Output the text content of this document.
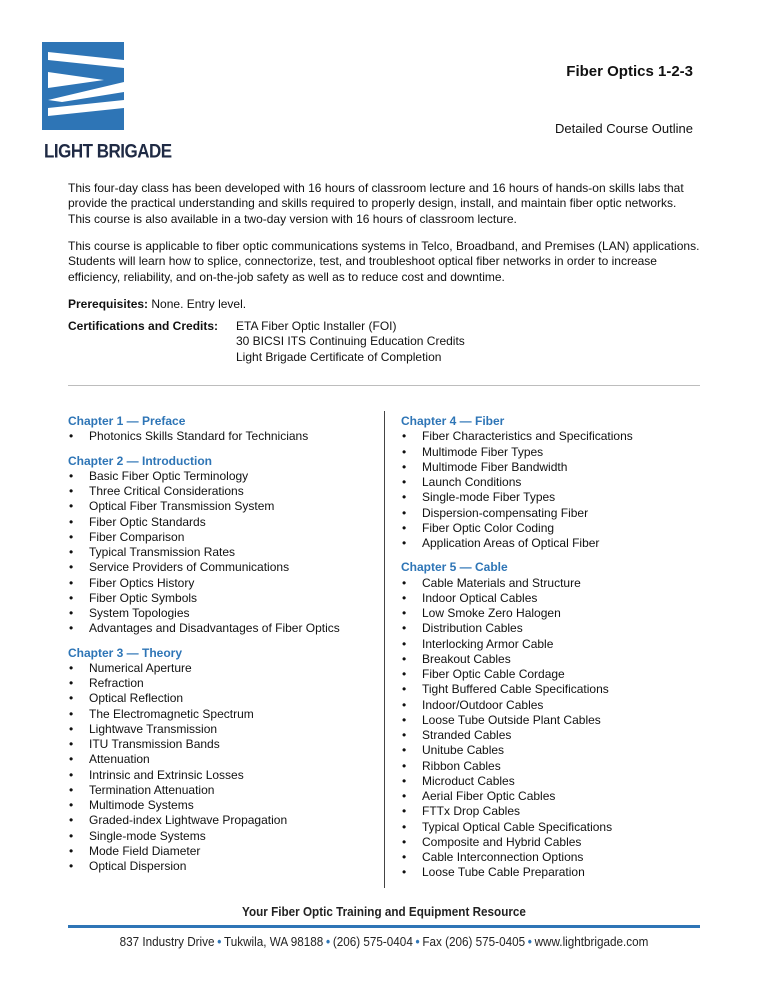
LIGHT BRIGADE
Fiber Optics 1-2-3
Detailed Course Outline

This four-day class has been developed with 16 hours of classroom lecture and 16 hours of hands-on skills labs that provide the practical understanding and skills required to properly design, install, and maintain fiber optic networks. This course is also available in a two-day version with 16 hours of classroom lecture.

This course is applicable to fiber optic communications systems in Telco, Broadband, and Premises (LAN) applications. Students will learn how to splice, connectorize, test, and troubleshoot optical fiber networks in order to increase efficiency, reliability, and on-the-job safety as well as to reduce cost and downtime.

Prerequisites: None. Entry level.
Certifications and Credits: ETA Fiber Optic Installer (FOI)
30 BICSI ITS Continuing Education Credits
Light Brigade Certificate of Completion
Chapter 1 — Preface
• Photonics Skills Standard for Technicians
Chapter 2 — Introduction
• Basic Fiber Optic Terminology
• Three Critical Considerations
• Optical Fiber Transmission System
• Fiber Optic Standards
• Fiber Comparison
• Typical Transmission Rates
• Service Providers of Communications
• Fiber Optics History
• Fiber Optic Symbols
• System Topologies
• Advantages and Disadvantages of Fiber Optics
Chapter 3 — Theory
• Numerical Aperture
• Refraction
• Optical Reflection
• The Electromagnetic Spectrum
• Lightwave Transmission
• ITU Transmission Bands
• Attenuation
• Intrinsic and Extrinsic Losses
• Termination Attenuation
• Multimode Systems
• Graded-index Lightwave Propagation
• Single-mode Systems
• Mode Field Diameter
• Optical Dispersion
Chapter 4 — Fiber
• Fiber Characteristics and Specifications
• Multimode Fiber Types
• Multimode Fiber Bandwidth
• Launch Conditions
• Single-mode Fiber Types
• Dispersion-compensating Fiber
• Fiber Optic Color Coding
• Application Areas of Optical Fiber
Chapter 5 — Cable
• Cable Materials and Structure
• Indoor Optical Cables
• Low Smoke Zero Halogen
• Distribution Cables
• Interlocking Armor Cable
• Breakout Cables
• Fiber Optic Cable Cordage
• Tight Buffered Cable Specifications
• Indoor/Outdoor Cables
• Loose Tube Outside Plant Cables
• Stranded Cables
• Unitube Cables
• Ribbon Cables
• Microduct Cables
• Aerial Fiber Optic Cables
• FTTx Drop Cables
• Typical Optical Cable Specifications
• Composite and Hybrid Cables
• Cable Interconnection Options
• Loose Tube Cable Preparation
Your Fiber Optic Training and Equipment Resource
837 Industry Drive • Tukwila, WA 98188 • (206) 575-0404 • Fax (206) 575-0405 • www.lightbrigade.com
